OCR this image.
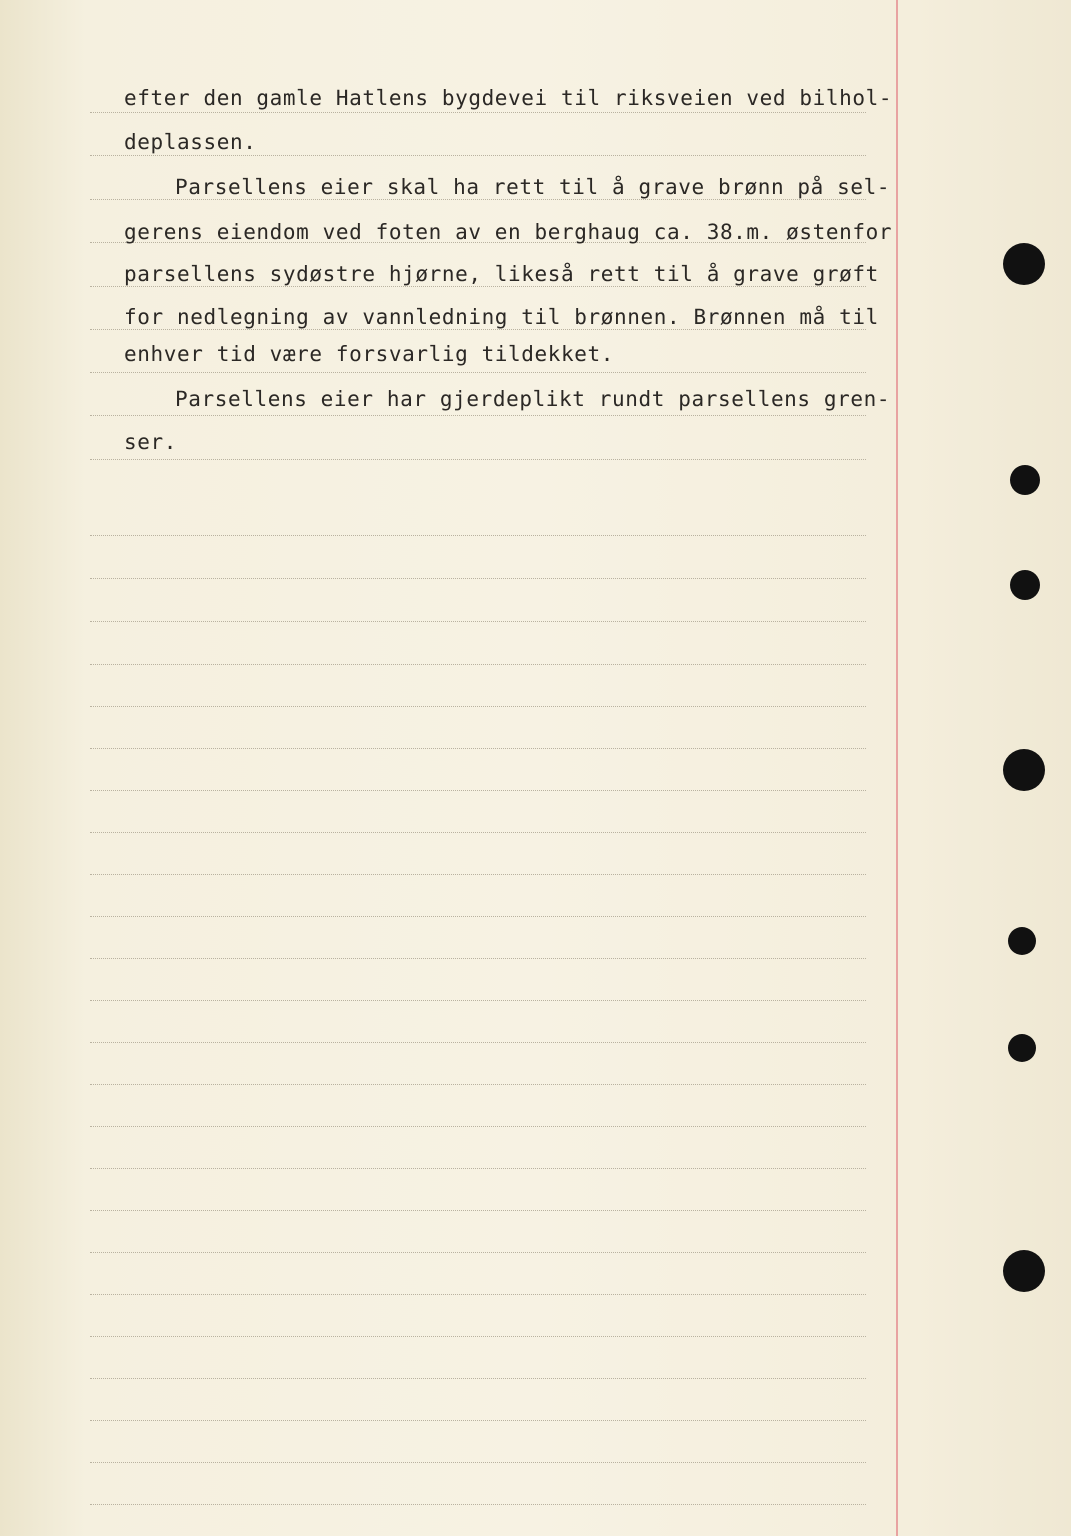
efter den gamle Hatlens bygdevei til riksveien ved bilhol-
deplassen.
Parsellens eier skal ha rett til å grave brønn på sel-
gerens eiendom ved foten av en berghaug ca. 38.m. østenfor
parsellens sydøstre hjørne, likeså rett til å grave grøft
for nedlegning av vannledning til brønnen. Brønnen må til
enhver tid være forsvarlig tildekket.
Parsellens eier har gjerdeplikt rundt parsellens gren-
ser.
